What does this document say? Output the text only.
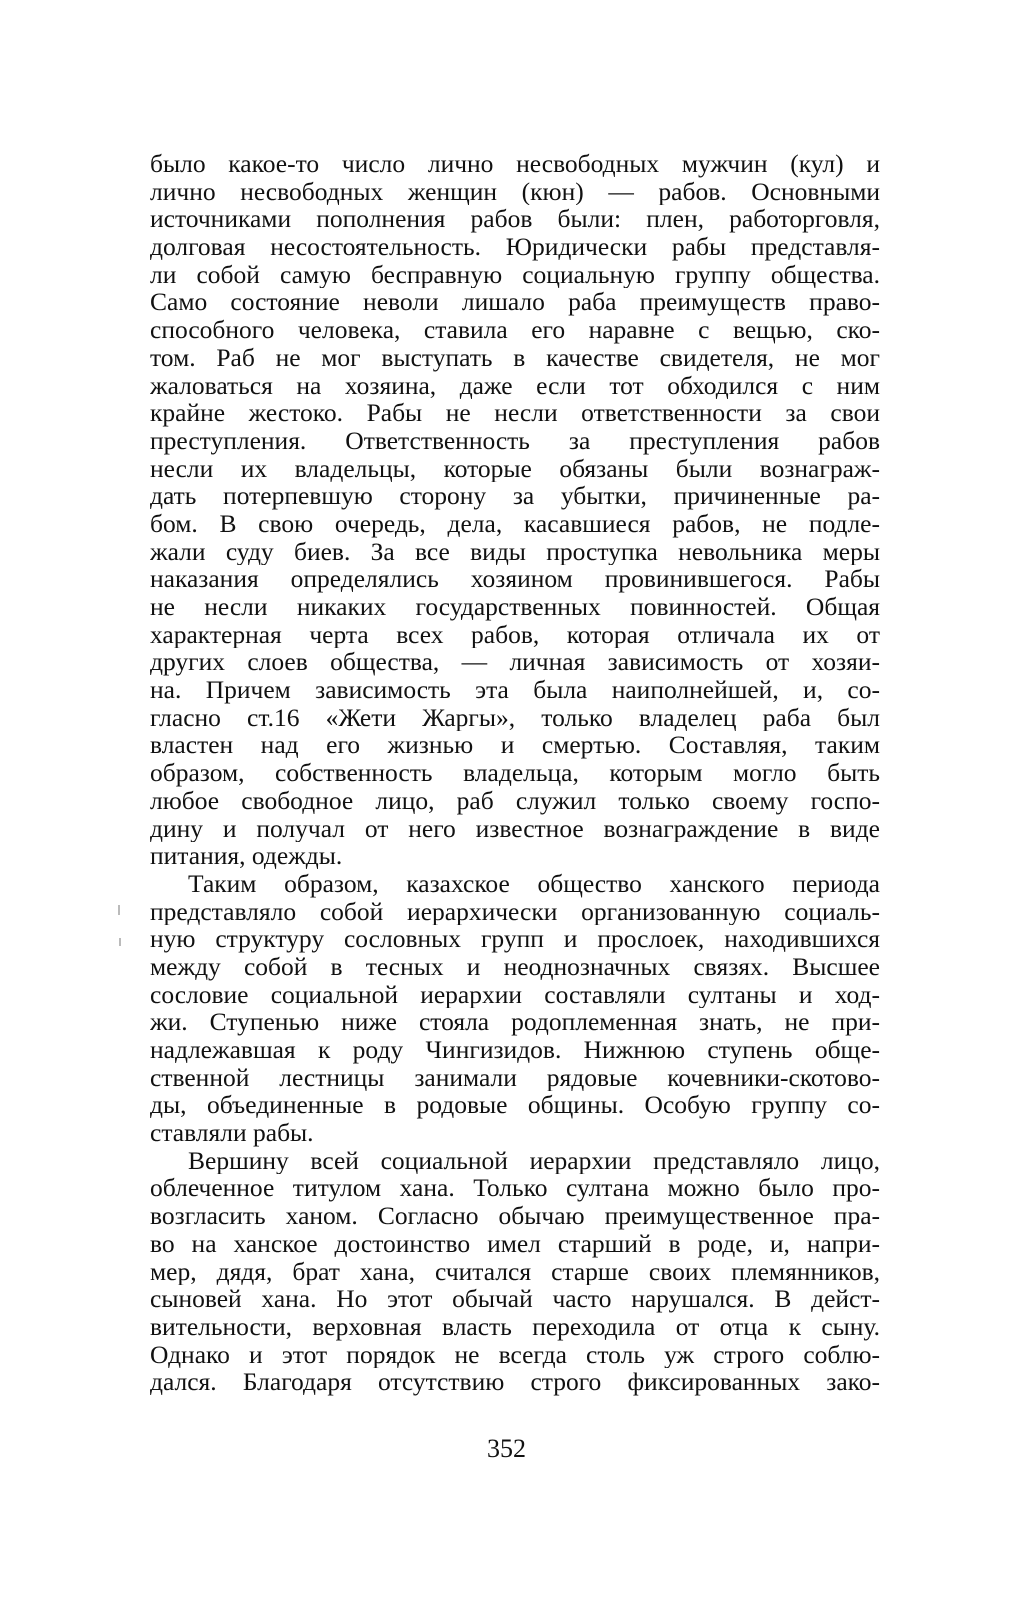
было какое-то число лично несвободных мужчин (кул) и
лично несвободных женщин (кюн) — рабов. Основными
источниками пополнения рабов были: плен, работорговля,
долговая несостоятельность. Юридически рабы представля-
ли собой самую бесправную социальную группу общества.
Само состояние неволи лишало раба преимуществ право-
способного человека, ставила его наравне с вещью, ско-
том. Раб не мог выступать в качестве свидетеля, не мог
жаловаться на хозяина, даже если тот обходился с ним
крайне жестоко. Рабы не несли ответственности за свои
преступления. Ответственность за преступления рабов
несли их владельцы, которые обязаны были вознаграж-
дать потерпевшую сторону за убытки, причиненные ра-
бом. В свою очередь, дела, касавшиеся рабов, не подле-
жали суду биев. За все виды проступка невольника меры
наказания определялись хозяином провинившегося. Рабы
не несли никаких государственных повинностей. Общая
характерная черта всех рабов, которая отличала их от
других слоев общества, — личная зависимость от хозяи-
на. Причем зависимость эта была наиполнейшей, и, со-
гласно ст.16 «Жети Жаргы», только владелец раба был
властен над его жизнью и смертью. Составляя, таким
образом, собственность владельца, которым могло быть
любое свободное лицо, раб служил только своему госпо-
дину и получал от него известное вознаграждение в виде
питания, одежды.
Таким образом, казахское общество ханского периода
представляло собой иерархически организованную социаль-
ную структуру сословных групп и прослоек, находившихся
между собой в тесных и неоднозначных связях. Высшее
сословие социальной иерархии составляли султаны и ход-
жи. Ступенью ниже стояла родоплеменная знать, не при-
надлежавшая к роду Чингизидов. Нижнюю ступень обще-
ственной лестницы занимали рядовые кочевники-скотово-
ды, объединенные в родовые общины. Особую группу со-
ставляли рабы.
Вершину всей социальной иерархии представляло лицо,
облеченное титулом хана. Только султана можно было про-
возгласить ханом. Согласно обычаю преимущественное пра-
во на ханское достоинство имел старший в роде, и, напри-
мер, дядя, брат хана, считался старше своих племянников,
сыновей хана. Но этот обычай часто нарушался. В дейст-
вительности, верховная власть переходила от отца к сыну.
Однако и этот порядок не всегда столь уж строго соблю-
дался. Благодаря отсутствию строго фиксированных зако-
352
